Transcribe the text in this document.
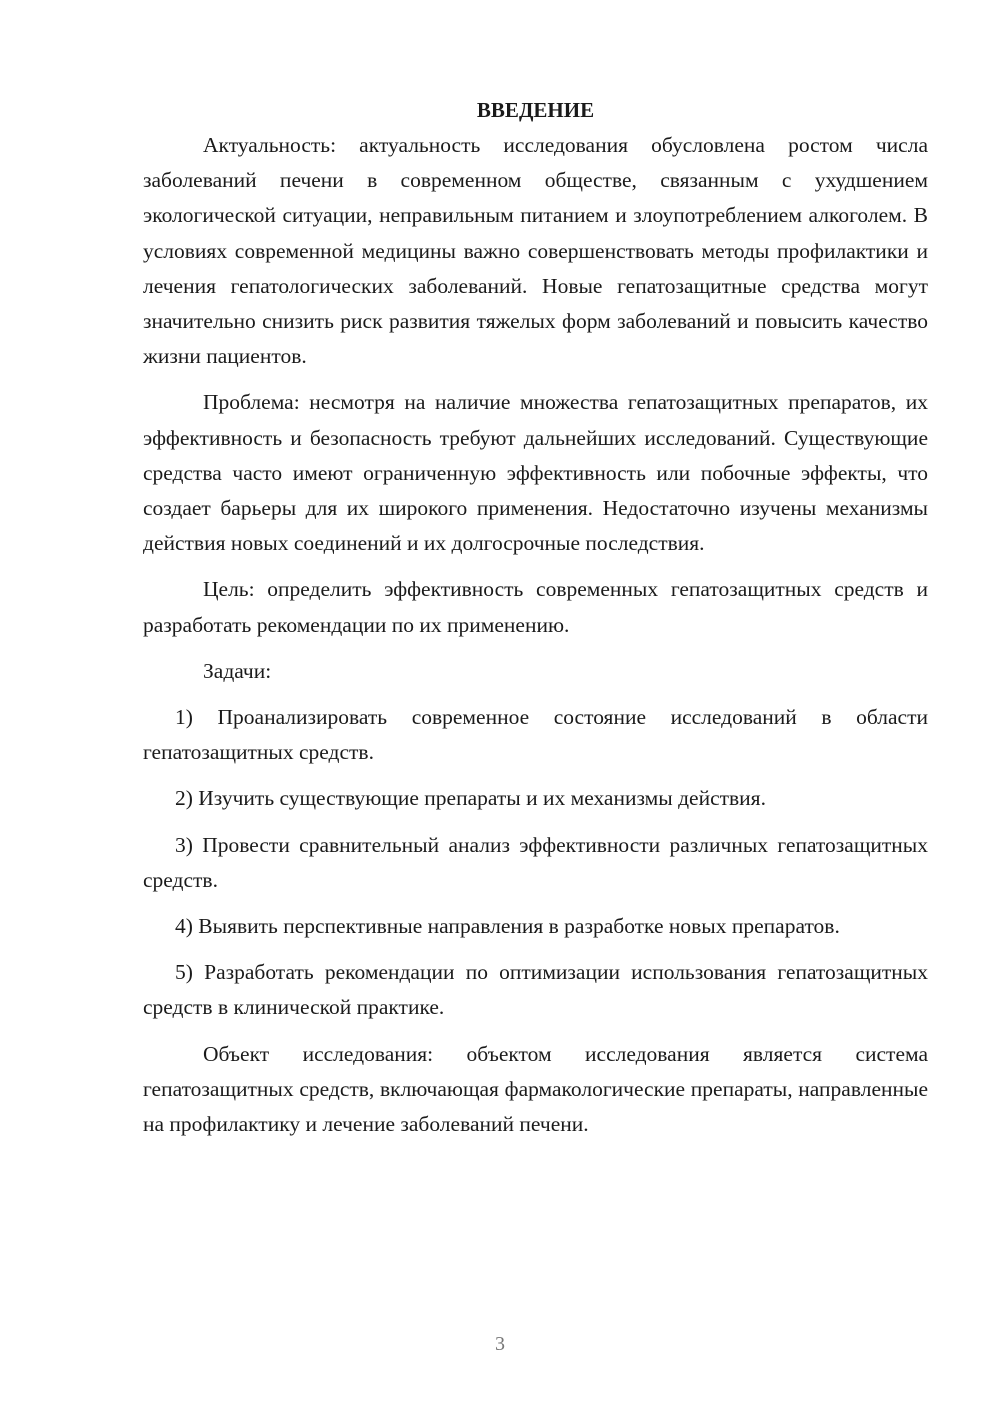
ВВЕДЕНИЕ

Актуальность: актуальность исследования обусловлена ростом числа заболеваний печени в современном обществе, связанным с ухудшением экологической ситуации, неправильным питанием и злоупотреблением алкоголем. В условиях современной медицины важно совершенствовать методы профилактики и лечения гепатологических заболеваний. Новые гепатозащитные средства могут значительно снизить риск развития тяжелых форм заболеваний и повысить качество жизни пациентов.

Проблема: несмотря на наличие множества гепатозащитных препаратов, их эффективность и безопасность требуют дальнейших исследований. Существующие средства часто имеют ограниченную эффективность или побочные эффекты, что создает барьеры для их широкого применения. Недостаточно изучены механизмы действия новых соединений и их долгосрочные последствия.

Цель: определить эффективность современных гепатозащитных средств и разработать рекомендации по их применению.

Задачи:

1) Проанализировать современное состояние исследований в области гепатозащитных средств.

2) Изучить существующие препараты и их механизмы действия.

3) Провести сравнительный анализ эффективности различных гепатозащитных средств.

4) Выявить перспективные направления в разработке новых препаратов.

5) Разработать рекомендации по оптимизации использования гепатозащитных средств в клинической практике.

Объект исследования: объектом исследования является система гепатозащитных средств, включающая фармакологические препараты, направленные на профилактику и лечение заболеваний печени.

3
